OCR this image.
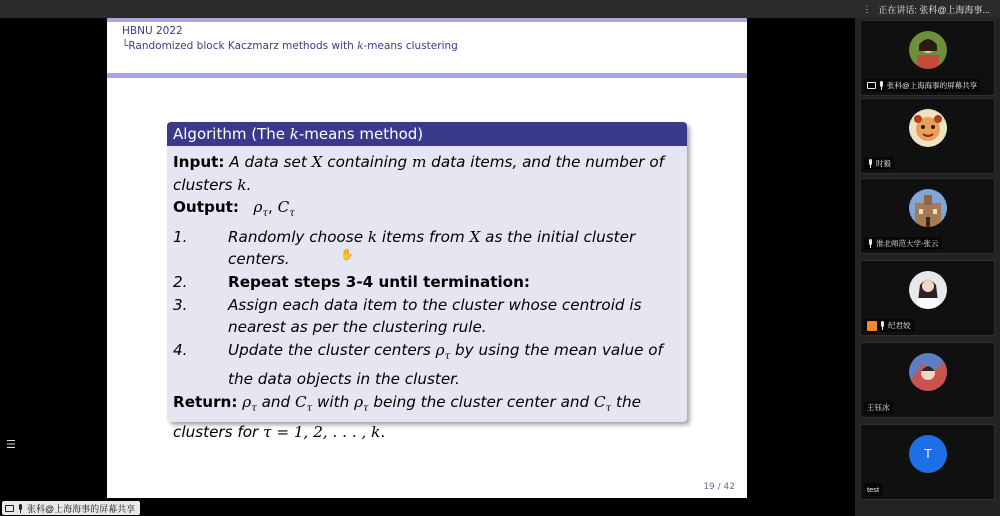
⋮ 正在讲话: 张科@上海海事...
☰
HBNU 2022
└Randomized block Kaczmarz methods with k-means clustering
Algorithm (The k-means method)
Input: A data set X containing m data items, and the number of clusters k.
Output: $\rho_\tau$, $C_\tau$
1.	Randomly choose k items from X as the initial cluster centers.
2.	Repeat steps 3-4 until termination:
3.	Assign each data item to the cluster whose centroid is nearest as per the clustering rule.
4.	Update the cluster centers $\rho_\tau$ by using the mean value of the data objects in the cluster.
Return: $\rho_\tau$ and $C_\tau$ with $\rho_\tau$ being the cluster center and $C_\tau$ the clusters for τ = 1, 2, . . . , k.
19 / 42
✋
张科@上海海事的屏幕共享
时毅
淮北师范大学-张云
纪君姣
王钰冰
T
test
张科@上海海事的屏幕共享
